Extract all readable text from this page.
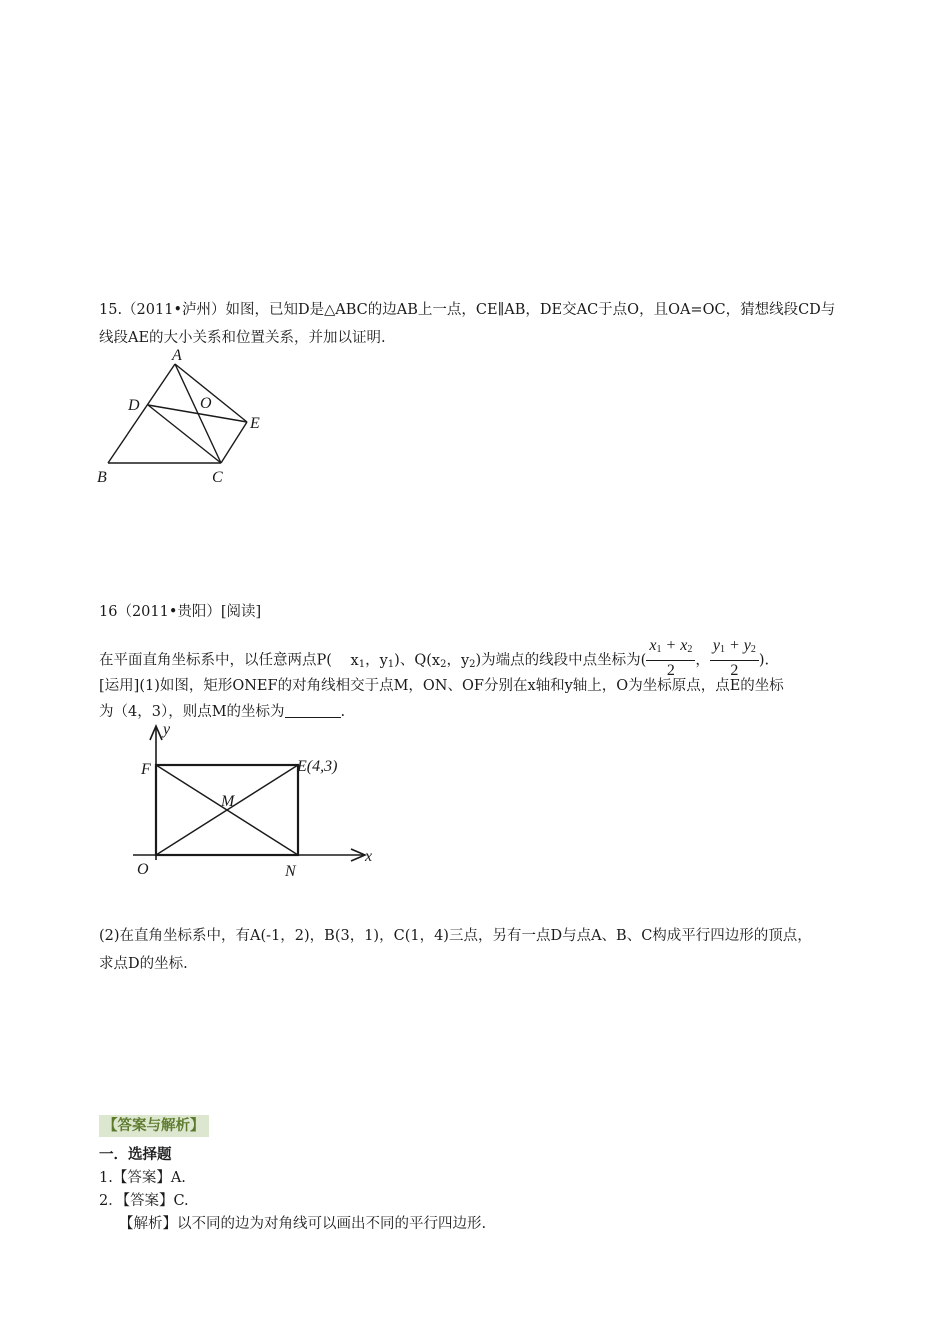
15.（2011•泸州）如图，已知D是△ABC的边AB上一点，CE∥AB，DE交AC于点O，且OA=OC，猜想线段CD与
线段AE的大小关系和位置关系，并加以证明.
A
B	C
D
E
O
16（2011•贵阳）[阅读]
在平面直角坐标系中，以任意两点P( $x_1$，$y_1$)、$Q(x_2$，$y_2$)为端点的线段中点坐标为( $\frac{x_1 + x_2}{2}$ ， $\frac{y_1 + y_2}{2}$ ).
[运用](1)如图，矩形ONEF的对角线相交于点M，ON、OF分别在x轴和y轴上，O为坐标原点，点E的坐标
为（4，3），则点M的坐标为	.
y
x
F	E(4,3)
M
O	N
(2)在直角坐标系中，有A(-1，2)，B(3，1)，C(1，4)三点，另有一点D与点A、B、C构成平行四边形的顶点，
求点D的坐标.
【答案与解析】
一．选择题
1.【答案】A.
2．【答案】C.
【解析】以不同的边为对角线可以画出不同的平行四边形.
